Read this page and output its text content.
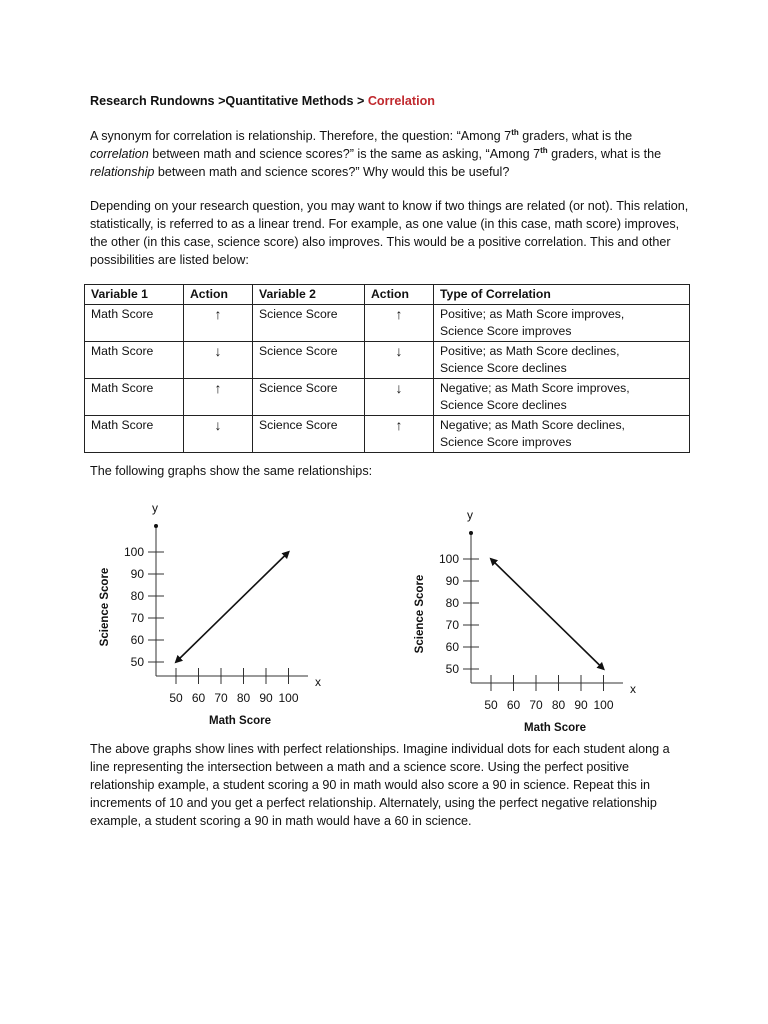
Research Rundowns >Quantitative Methods > Correlation
A synonym for correlation is relationship. Therefore, the question: “Among 7th graders, what is the correlation between math and science scores?” is the same as asking, “Among 7th graders, what is the relationship between math and science scores?” Why would this be useful?
Depending on your research question, you may want to know if two things are related (or not). This relation, statistically, is referred to as a linear trend. For example, as one value (in this case, math score) improves, the other (in this case, science score) also improves. This would be a positive correlation. This and other possibilities are listed below:
Variable 1	Action	Variable 2	Action	Type of Correlation
Math Score	↑	Science Score	↑	Positive; as Math Score improves,
Science Score improves

Math Score	↓	Science Score	↓	Positive; as Math Score declines,
Science Score declines

Math Score	↑	Science Score	↓	Negative; as Math Score improves,
Science Score declines

Math Score	↓	Science Score	↑	Negative; as Math Score declines,
Science Score improves
The following graphs show the same relationships:
y
x
50
60
70
80
90
100
50 60 70 80 90 100
Math Score
Science Score
y
x
50
60
70
80
90
100
50 60 70 80 90 100
Math Score
Science Score
The above graphs show lines with perfect relationships. Imagine individual dots for each student along a line representing the intersection between a math and a science score. Using the perfect positive relationship example, a student scoring a 90 in math would also score a 90 in science. Repeat this in increments of 10 and you get a perfect relationship. Alternately, using the perfect negative relationship example, a student scoring a 90 in math would have a 60 in science.
